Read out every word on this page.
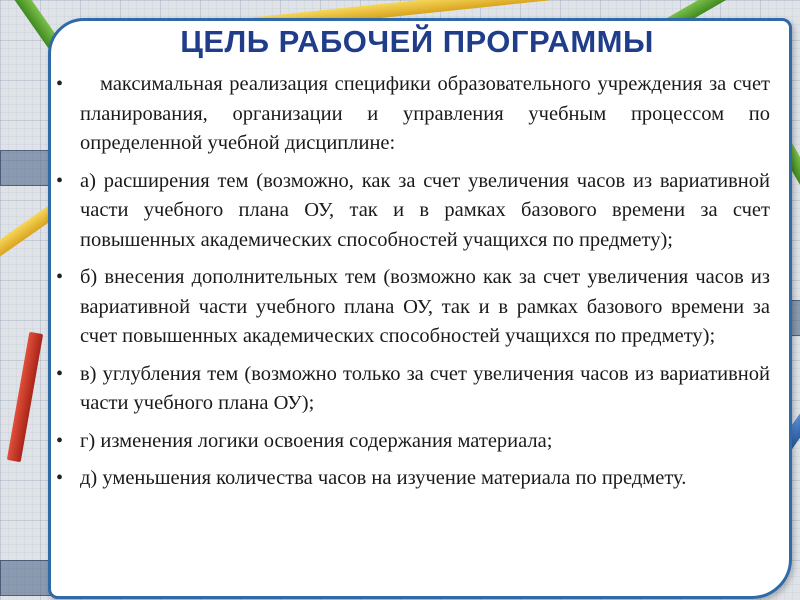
ЦЕЛЬ РАБОЧЕЙ ПРОГРАММЫ
•	максимальная реализация специфики образовательного учреждения за счет планирования, организации и управления учебным процессом по определенной учебной дисциплине:
• а) расширения тем (возможно, как за счет увеличения часов из вариативной части учебного плана ОУ, так и в рамках базового времени за счет повышенных академических способностей учащихся по предмету);
• б) внесения дополнительных тем (возможно как за счет увеличения часов из вариативной части учебного плана ОУ, так и в рамках базового времени за счет повышенных академических способностей учащихся по предмету);
• в) углубления тем (возможно только за счет увеличения часов из вариативной части учебного плана ОУ);
• г) изменения логики освоения содержания материала;
• д) уменьшения количества часов на изучение материала по предмету.
